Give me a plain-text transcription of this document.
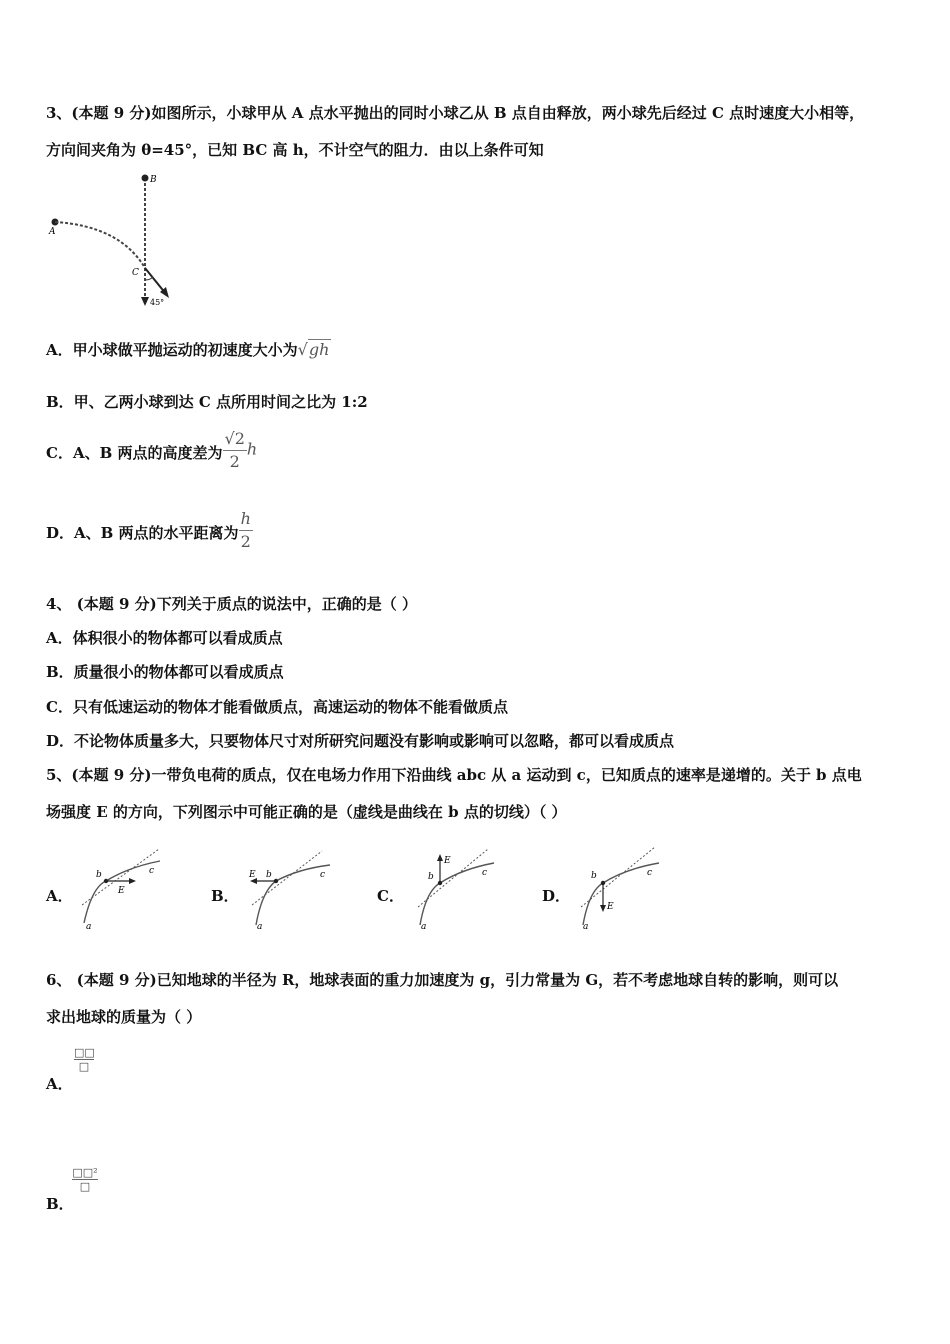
3、(本题 9 分)如图所示，小球甲从 A 点水平抛出的同时小球乙从 B 点自由释放，两小球先后经过 C 点时速度大小相等，
方向间夹角为 θ=45°，已知 BC 高 h，不计空气的阻力．由以上条件可知
B
A
C
45°
A．甲小球做平抛运动的初速度大小为√gh
B．甲、乙两小球到达 C 点所用时间之比为 1:2
C．A、B 两点的高度差为 $\frac{√2}{2}$ h
D．A、B 两点的水平距离为 $\frac{h}{2}$
4、 (本题 9 分)下列关于质点的说法中，正确的是（ ）
A．体积很小的物体都可以看成质点
B．质量很小的物体都可以看成质点
C．只有低速运动的物体才能看做质点，高速运动的物体不能看做质点
D．不论物体质量多大，只要物体尺寸对所研究问题没有影响或影响可以忽略，都可以看成质点
5、(本题 9 分)一带负电荷的质点，仅在电场力作用下沿曲线 abc 从 a 运动到 c，已知质点的速率是递增的。关于 b 点电
场强度 E 的方向，下列图示中可能正确的是（虚线是曲线在 b 点的切线）（ ）
A．
b	c
E
a
B．
E b	c
a
C．
E
b	c
a
D．
E
b	c
a
6、 (本题 9 分)已知地球的半径为 R，地球表面的重力加速度为 g，引力常量为 G，若不考虑地球自转的影响，则可以
求出地球的质量为（ ）
A．
□□
□
B．
□□²
□
